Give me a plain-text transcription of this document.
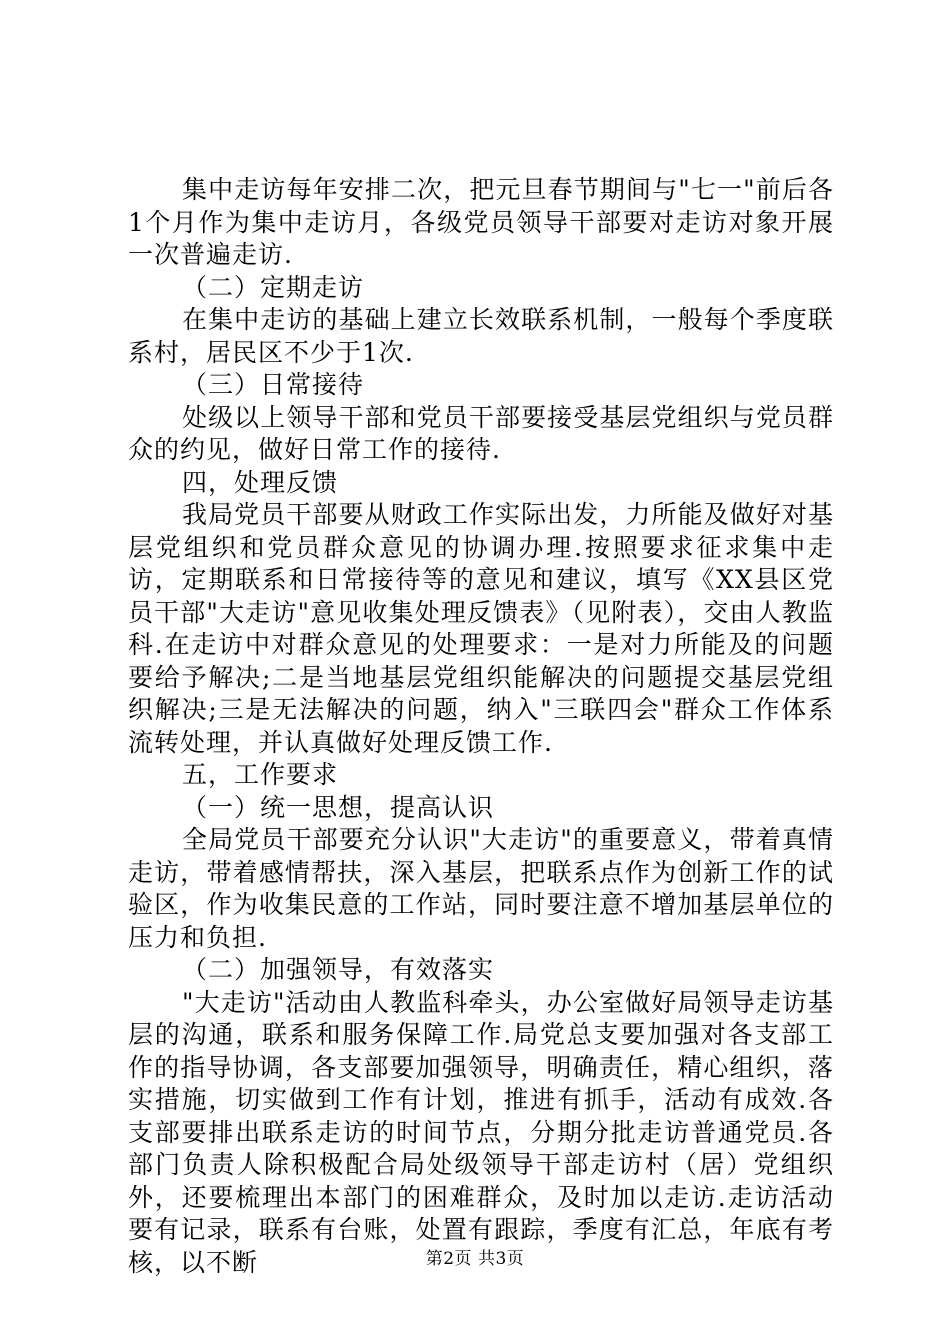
集中走访每年安排二次，把元旦春节期间与"七一"前后各1个月作为集中走访月，各级党员领导干部要对走访对象开展一次普遍走访.

（二）定期走访

在集中走访的基础上建立长效联系机制，一般每个季度联系村，居民区不少于1次.

（三）日常接待

处级以上领导干部和党员干部要接受基层党组织与党员群众的约见，做好日常工作的接待.

四，处理反馈

我局党员干部要从财政工作实际出发，力所能及做好对基层党组织和党员群众意见的协调办理.按照要求征求集中走访，定期联系和日常接待等的意见和建议，填写《XX县区党员干部"大走访"意见收集处理反馈表》（见附表），交由人教监科.在走访中对群众意见的处理要求：一是对力所能及的问题要给予解决;二是当地基层党组织能解决的问题提交基层党组织解决;三是无法解决的问题，纳入"三联四会"群众工作体系流转处理，并认真做好处理反馈工作.

五，工作要求

（一）统一思想，提高认识

全局党员干部要充分认识"大走访"的重要意义，带着真情走访，带着感情帮扶，深入基层，把联系点作为创新工作的试验区，作为收集民意的工作站，同时要注意不增加基层单位的压力和负担.

（二）加强领导，有效落实

"大走访"活动由人教监科牵头，办公室做好局领导走访基层的沟通，联系和服务保障工作.局党总支要加强对各支部工作的指导协调，各支部要加强领导，明确责任，精心组织，落实措施，切实做到工作有计划，推进有抓手，活动有成效.各支部要排出联系走访的时间节点，分期分批走访普通党员.各部门负责人除积极配合局处级领导干部走访村（居）党组织外，还要梳理出本部门的困难群众，及时加以走访.走访活动要有记录，联系有台账，处置有跟踪，季度有汇总，年底有考核，以不断	第2页 共3页
